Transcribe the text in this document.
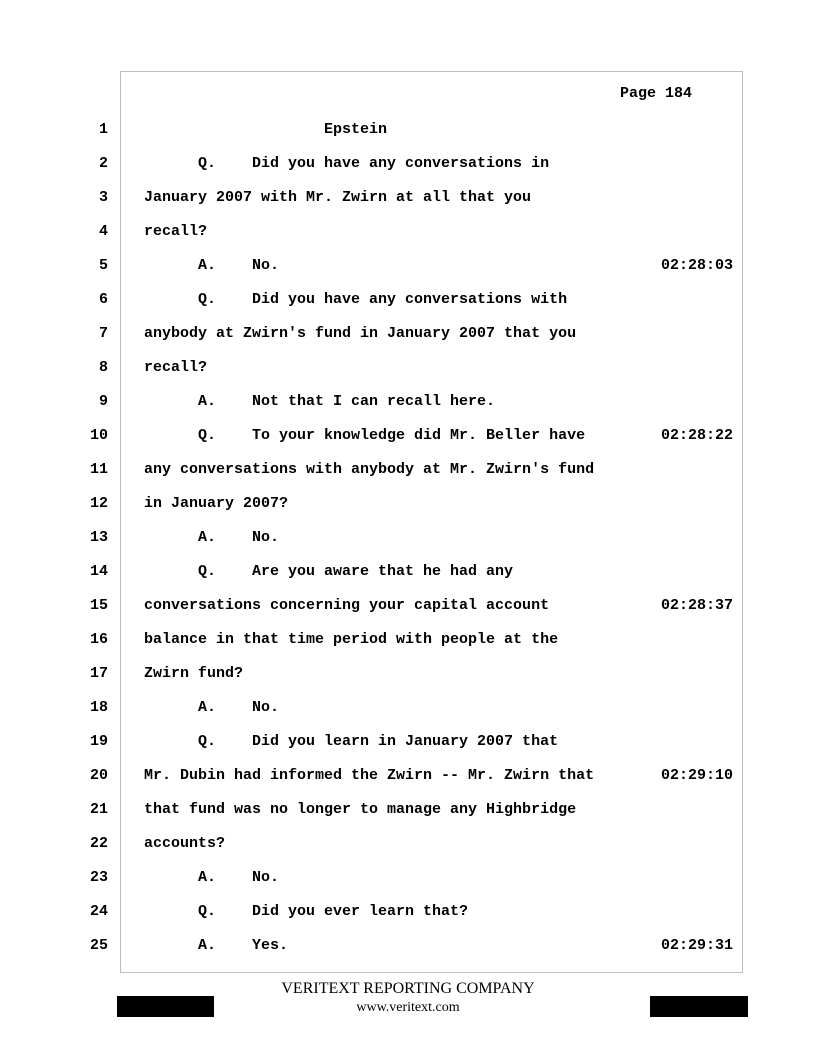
Page 184
1 Epstein
2 Q.    Did you have any conversations in
3 January 2007 with Mr. Zwirn at all that you
4 recall?
5 A.    No.	02:28:03
6 Q.    Did you have any conversations with
7 anybody at Zwirn's fund in January 2007 that you
8 recall?
9 A.    Not that I can recall here.
10 Q.    To your knowledge did Mr. Beller have	02:28:22
11 any conversations with anybody at Mr. Zwirn's fund
12 in January 2007?
13 A.    No.
14 Q.    Are you aware that he had any
15 conversations concerning your capital account	02:28:37
16 balance in that time period with people at the
17 Zwirn fund?
18 A.    No.
19 Q.    Did you learn in January 2007 that
20 Mr. Dubin had informed the Zwirn -- Mr. Zwirn that	02:29:10
21 that fund was no longer to manage any Highbridge
22 accounts?
23 A.    No.
24 Q.    Did you ever learn that?
25 A.    Yes.	02:29:31
VERITEXT REPORTING COMPANY
www.veritext.com
